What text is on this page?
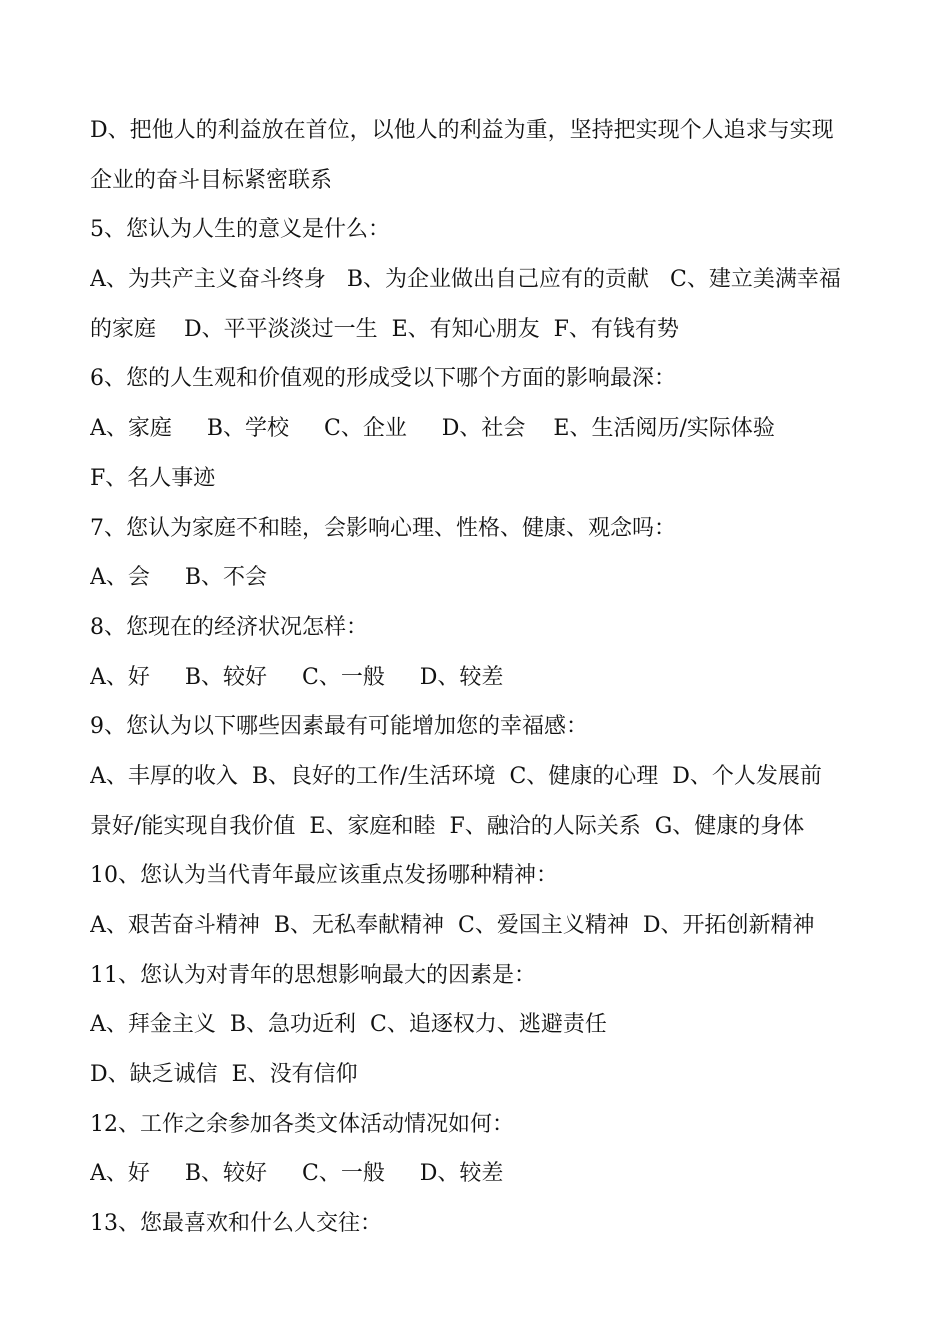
D、把他人的利益放在首位，以他人的利益为重，坚持把实现个人追求与实现
企业的奋斗目标紧密联系
5、您认为人生的意义是什么：
A、为共产主义奋斗终身   B、为企业做出自己应有的贡献   C、建立美满幸福
的家庭    D、平平淡淡过一生  E、有知心朋友  F、有钱有势
6、您的人生观和价值观的形成受以下哪个方面的影响最深：
A、家庭     B、学校     C、企业     D、社会    E、生活阅历/实际体验
F、名人事迹
7、您认为家庭不和睦，会影响心理、性格、健康、观念吗：
A、会     B、不会
8、您现在的经济状况怎样：
A、好     B、较好     C、一般     D、较差
9、您认为以下哪些因素最有可能增加您的幸福感：
A、丰厚的收入  B、良好的工作/生活环境  C、健康的心理  D、个人发展前
景好/能实现自我价值  E、家庭和睦  F、融洽的人际关系  G、健康的身体
10、您认为当代青年最应该重点发扬哪种精神：
A、艰苦奋斗精神  B、无私奉献精神  C、爱国主义精神  D、开拓创新精神
11、您认为对青年的思想影响最大的因素是：
A、拜金主义  B、急功近利  C、追逐权力、逃避责任
D、缺乏诚信  E、没有信仰
12、工作之余参加各类文体活动情况如何：
A、好     B、较好     C、一般     D、较差
13、您最喜欢和什么人交往：
